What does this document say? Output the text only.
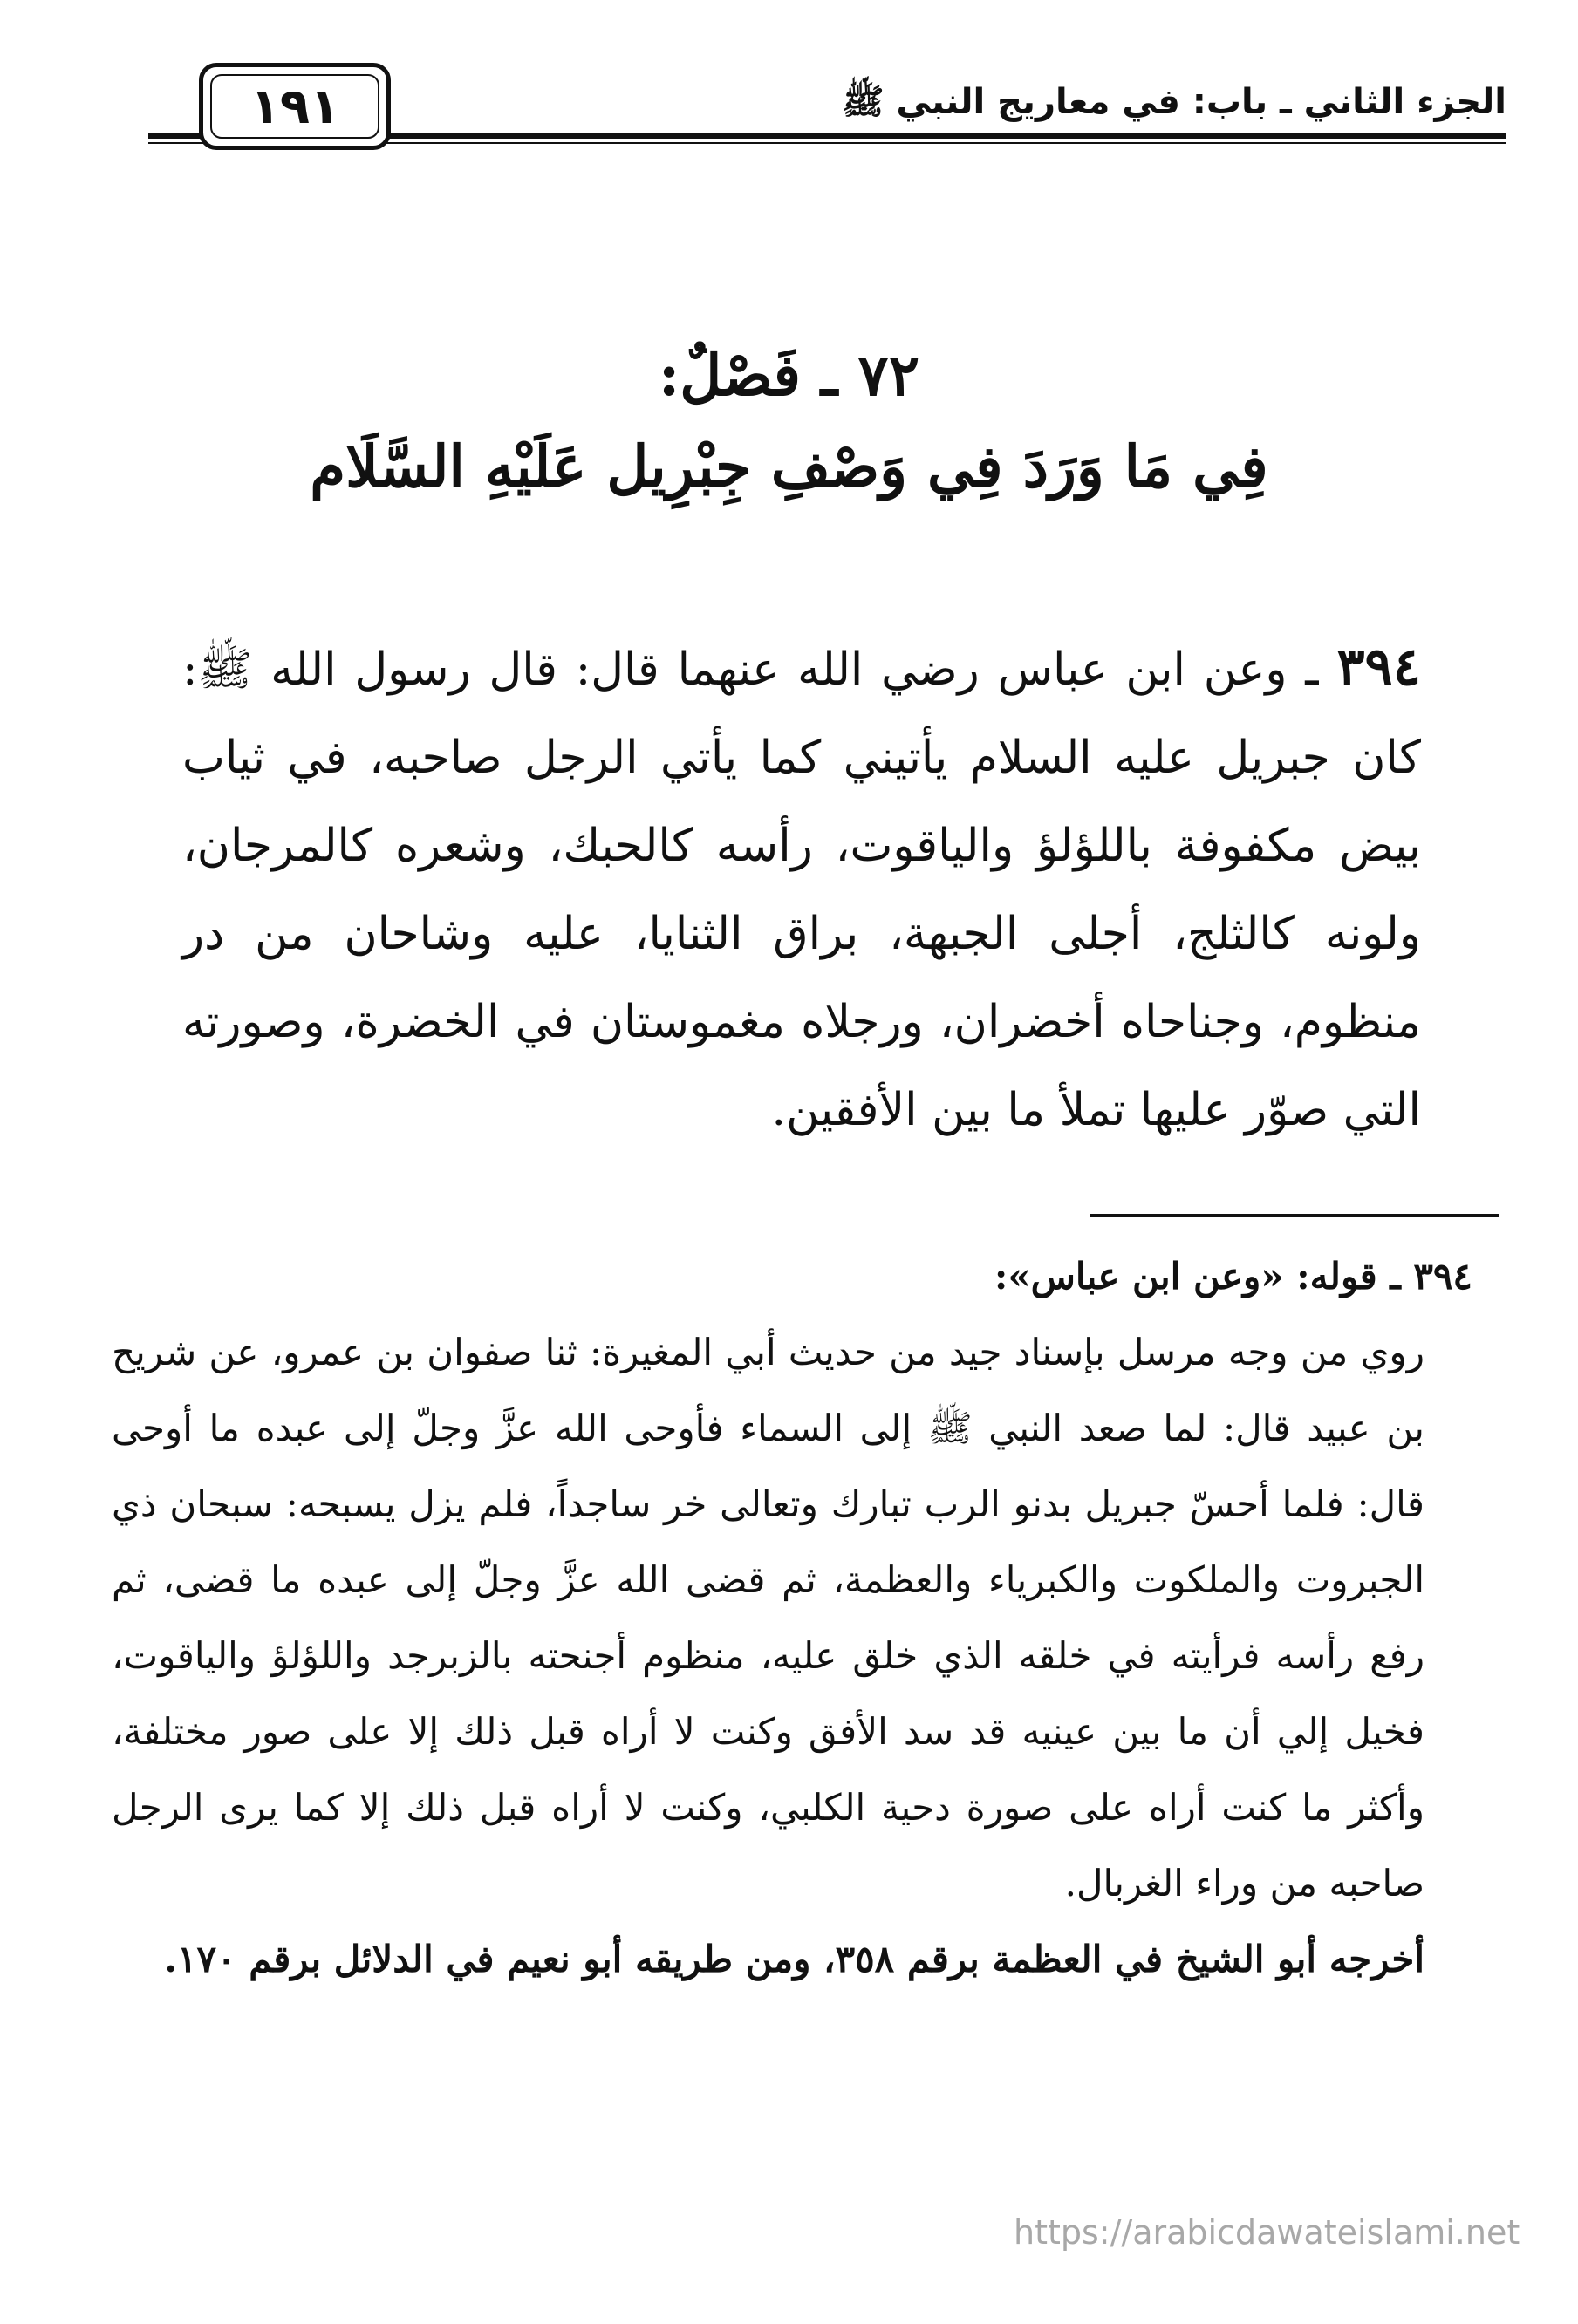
الجزء الثاني ـ باب: في معاريج النبي ﷺ
١٩١
٧٢ ـ فَصْلٌ:
فِي مَا وَرَدَ فِي وَصْفِ جِبْرِيل عَلَيْهِ السَّلَام
٣٩٤ ـ وعن ابن عباس رضي الله عنهما قال: قال رسول الله ﷺ: كان جبريل عليه السلام يأتيني كما يأتي الرجل صاحبه، في ثياب بيض مكفوفة باللؤلؤ والياقوت، رأسه كالحبك، وشعره كالمرجان، ولونه كالثلج، أجلى الجبهة، براق الثنايا، عليه وشاحان من در منظوم، وجناحاه أخضران، ورجلاه مغموستان في الخضرة، وصورته التي صوّر عليها تملأ ما بين الأفقين.
٣٩٤ ـ قوله: «وعن ابن عباس»:
روي من وجه مرسل بإسناد جيد من حديث أبي المغيرة: ثنا صفوان بن عمرو، عن شريح بن عبيد قال: لما صعد النبي ﷺ إلى السماء فأوحى الله عزَّ وجلّ إلى عبده ما أوحى قال: فلما أحسّ جبريل بدنو الرب تبارك وتعالى خر ساجداً، فلم يزل يسبحه: سبحان ذي الجبروت والملكوت والكبرياء والعظمة، ثم قضى الله عزَّ وجلّ إلى عبده ما قضى، ثم رفع رأسه فرأيته في خلقه الذي خلق عليه، منظوم أجنحته بالزبرجد واللؤلؤ والياقوت، فخيل إلي أن ما بين عينيه قد سد الأفق وكنت لا أراه قبل ذلك إلا على صور مختلفة، وأكثر ما كنت أراه على صورة دحية الكلبي، وكنت لا أراه قبل ذلك إلا كما يرى الرجل صاحبه من وراء الغربال.
أخرجه أبو الشيخ في العظمة برقم ٣٥٨، ومن طريقه أبو نعيم في الدلائل برقم ١٧٠.
https://arabicdawateislami.net
